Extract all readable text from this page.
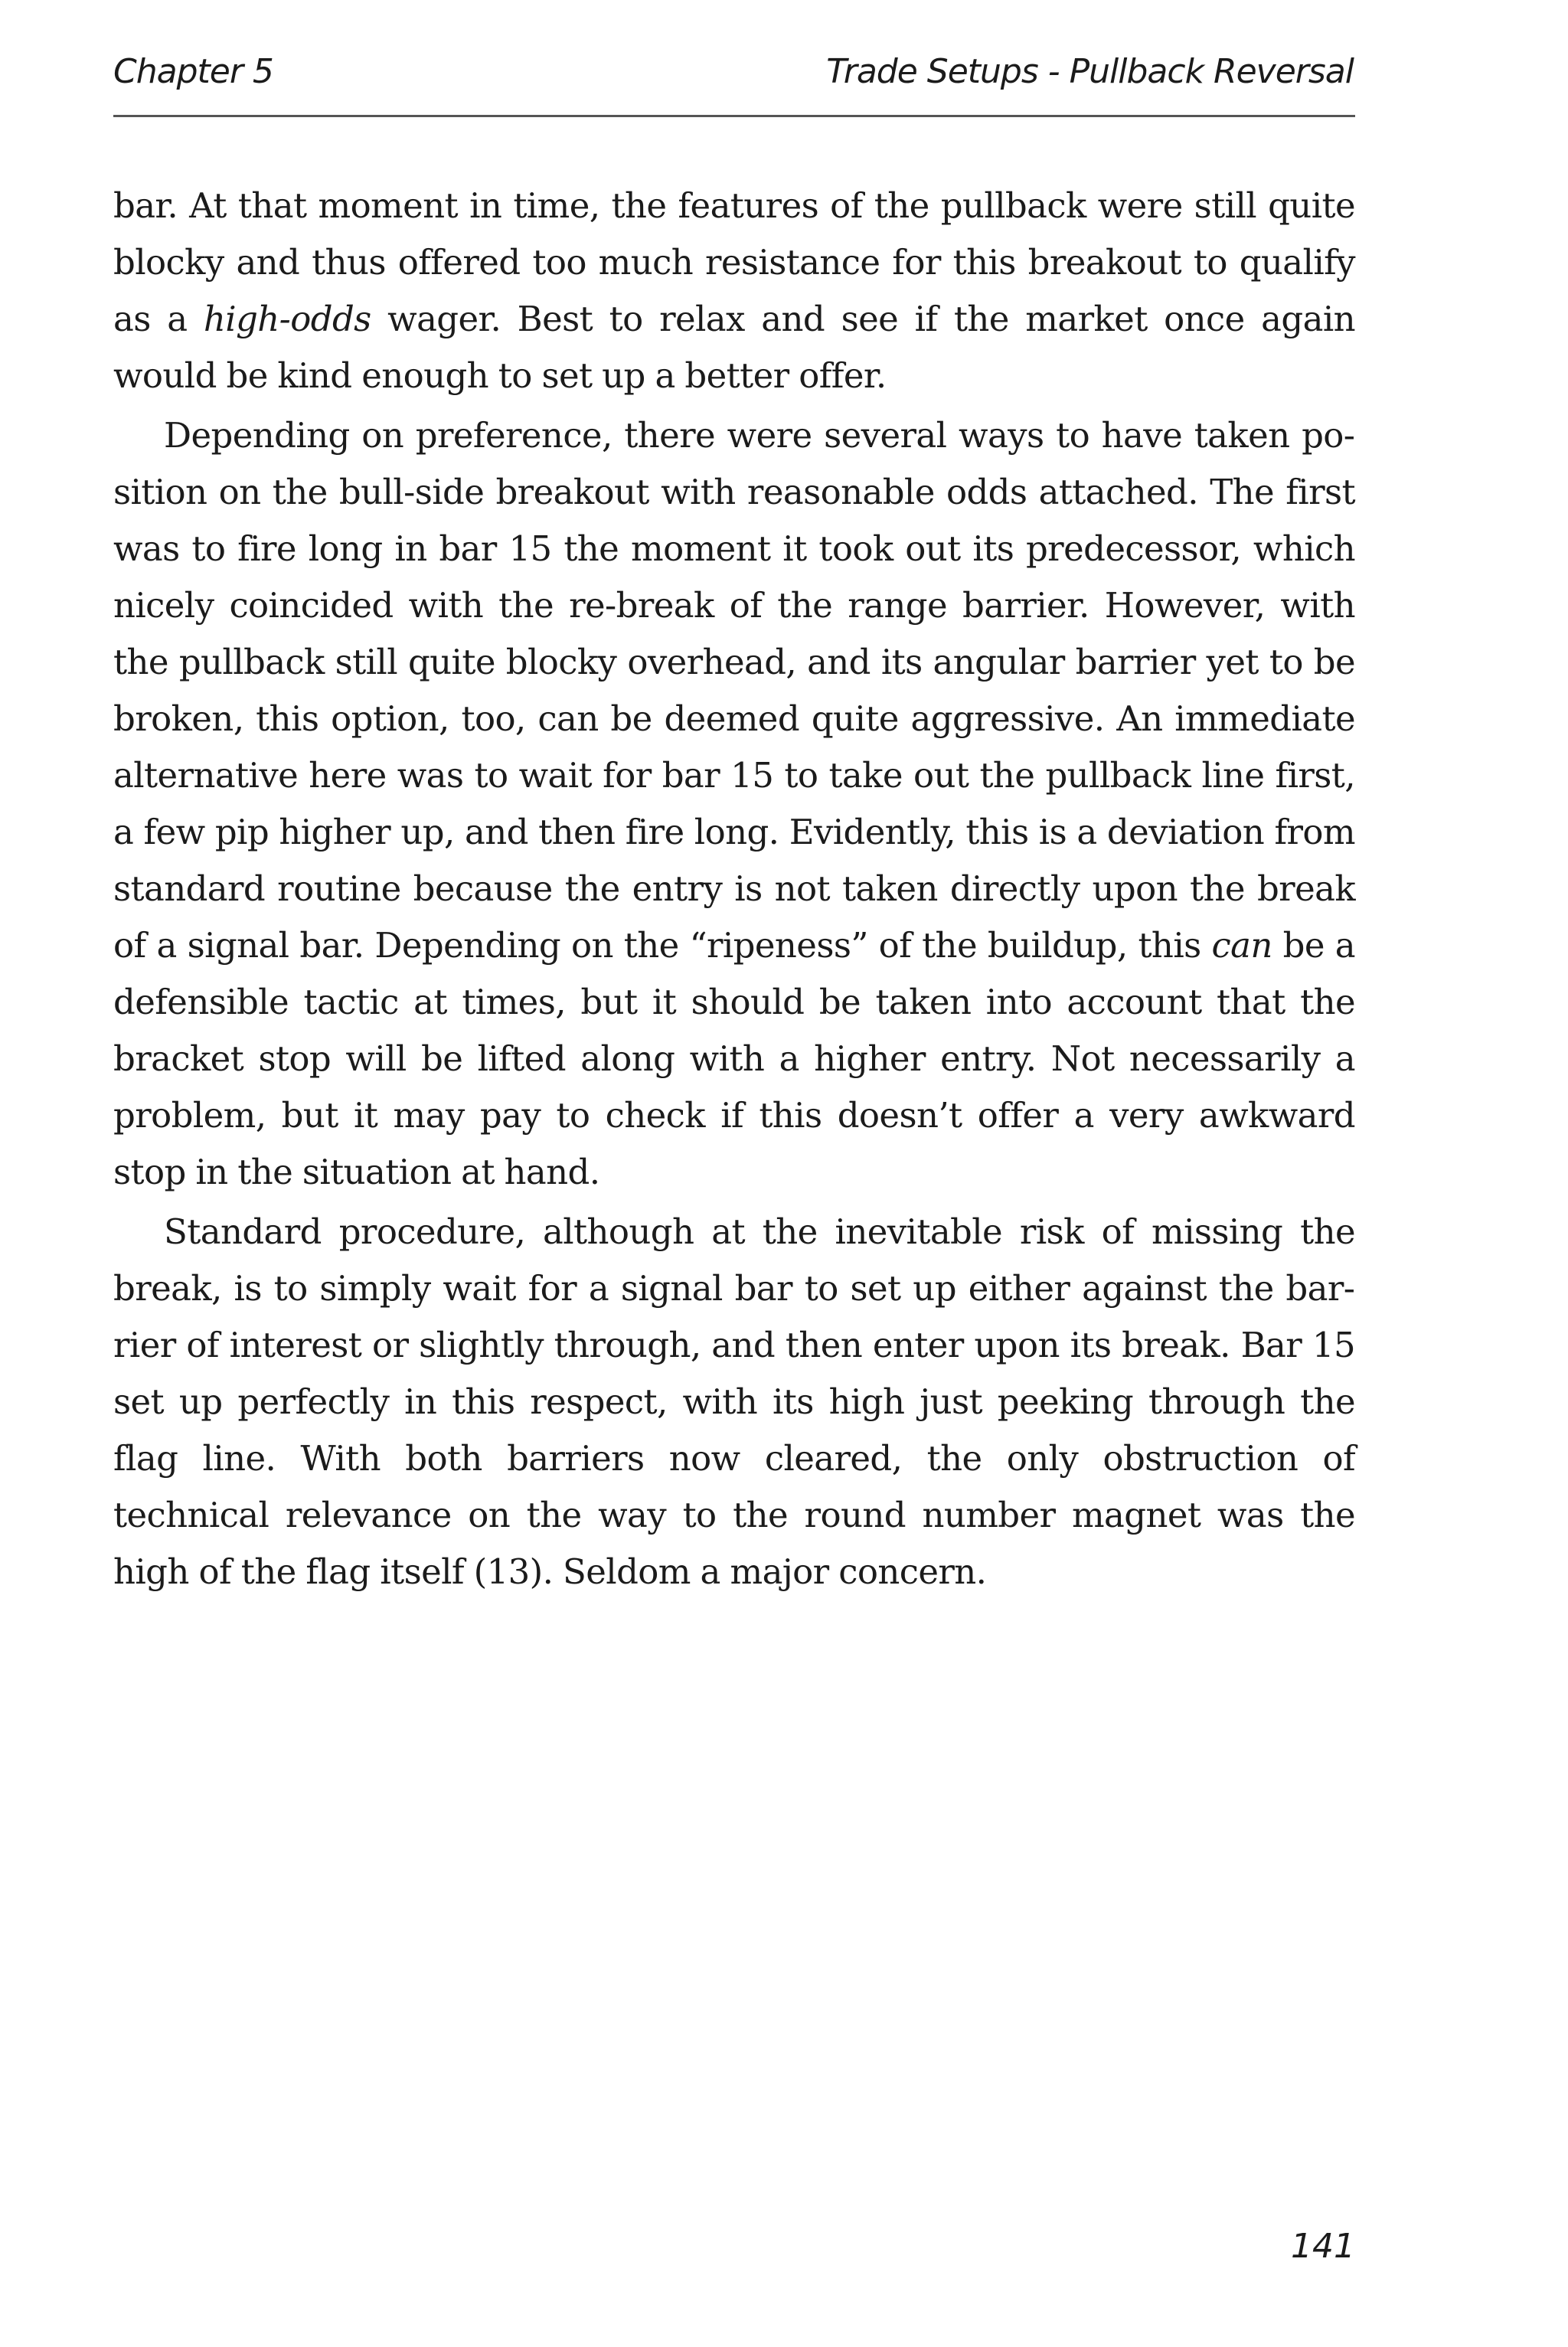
Chapter 5	Trade Setups - Pullback Reversal

bar. At that moment in time, the features of the pullback were still quite blocky and thus offered too much resistance for this breakout to qualify as a high-odds wager. Best to relax and see if the market once again would be kind enough to set up a better offer.

Depending on preference, there were several ways to have taken position on the bull-side breakout with reasonable odds attached. The first was to fire long in bar 15 the moment it took out its predecessor, which nicely coincided with the re-break of the range barrier. However, with the pullback still quite blocky overhead, and its angular barrier yet to be broken, this option, too, can be deemed quite aggressive. An immediate alternative here was to wait for bar 15 to take out the pullback line first, a few pip higher up, and then fire long. Evidently, this is a deviation from standard routine because the entry is not taken directly upon the break of a signal bar. Depending on the “ripeness” of the buildup, this can be a defensible tactic at times, but it should be taken into account that the bracket stop will be lifted along with a higher entry. Not necessarily a problem, but it may pay to check if this doesn’t offer a very awkward stop in the situation at hand.

Standard procedure, although at the inevitable risk of missing the break, is to simply wait for a signal bar to set up either against the barrier of interest or slightly through, and then enter upon its break. Bar 15 set up perfectly in this respect, with its high just peeking through the flag line. With both barriers now cleared, the only obstruction of technical relevance on the way to the round number magnet was the high of the flag itself (13). Seldom a major concern.

141
